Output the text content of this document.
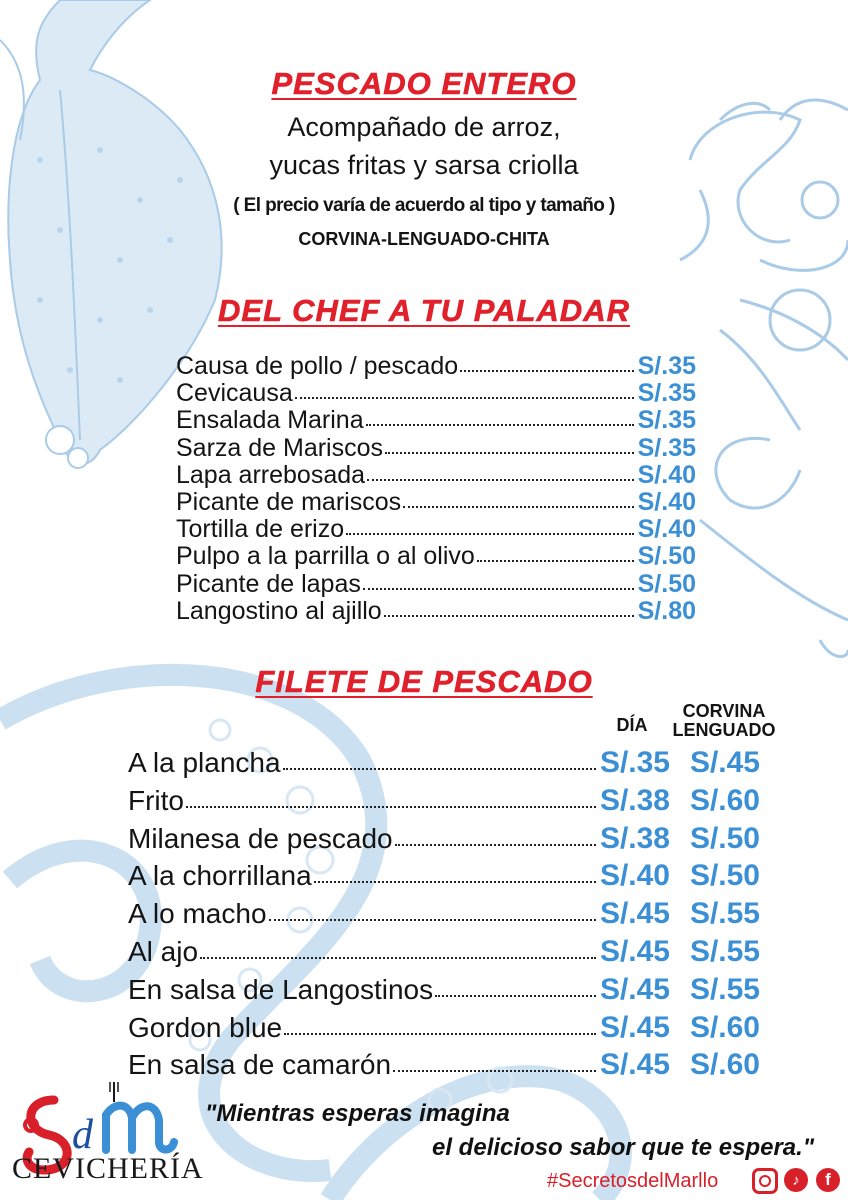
PESCADO ENTERO
Acompañado de arroz,
yucas fritas y sarsa criolla
( El precio varía de acuerdo al tipo y tamaño )
CORVINA-LENGUADO-CHITA
DEL CHEF A TU PALADAR
Causa de pollo / pescado	S/.35
Cevicausa	S/.35
Ensalada Marina	S/.35
Sarza de Mariscos	S/.35
Lapa arrebosada	S/.40
Picante de mariscos	S/.40
Tortilla de erizo	S/.40
Pulpo a la parrilla o al olivo	S/.50
Picante de lapas	S/.50
Langostino al ajillo	S/.80
FILETE DE PESCADO
DÍA
CORVINA
LENGUADO
A la plancha	S/.35 S/.45
Frito	S/.38 S/.60
Milanesa de pescado	S/.38 S/.50
A la chorrillana	S/.40 S/.50
A lo macho	S/.45 S/.55
Al ajo	S/.45 S/.55
En salsa de Langostinos	S/.45 S/.55
Gordon blue	S/.45 S/.60
En salsa de camarón	S/.45 S/.60
d
CEVICHERÍA
"Mientras esperas imagina
el delicioso sabor que te espera."
#SecretosdelMarllo	♪	f
